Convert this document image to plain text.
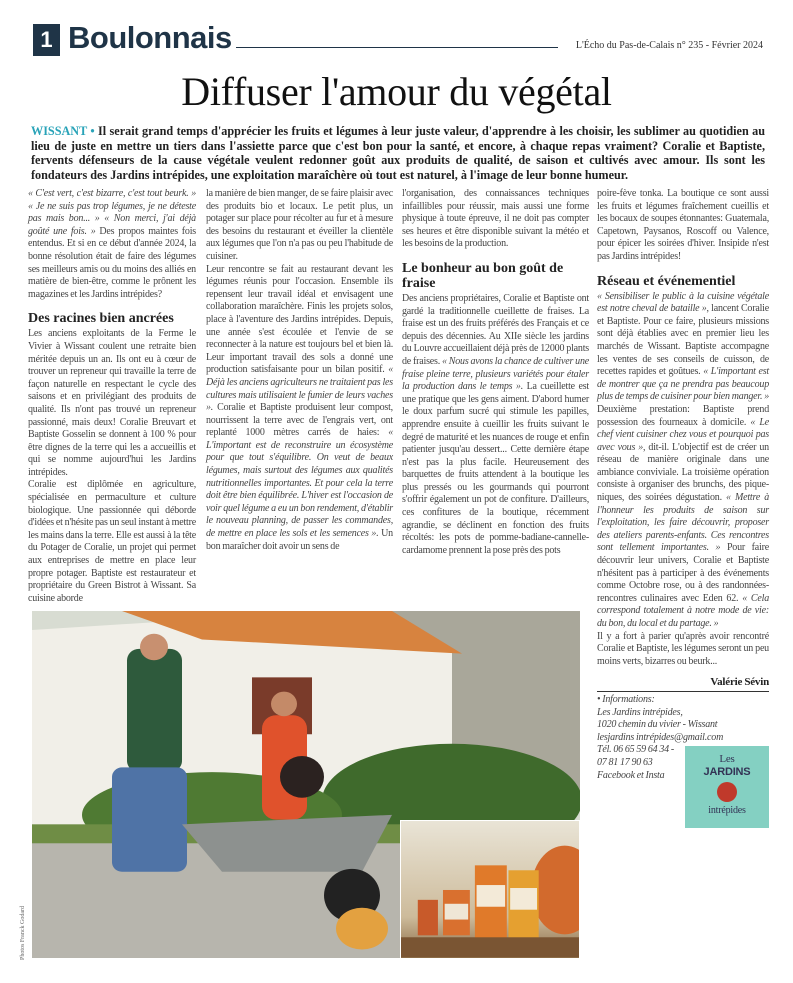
1 Boulonnais	L'Écho du Pas-de-Calais n° 235 - Février 2024
Diffuser l'amour du végétal
WISSANT • Il serait grand temps d'apprécier les fruits et légumes à leur juste valeur, d'apprendre à les choisir, les sublimer au quotidien au lieu de juste en mettre un tiers dans l'assiette parce que c'est bon pour la santé, et encore, à chaque repas vraiment? Coralie et Baptiste, fervents défenseurs de la cause végétale veulent redonner goût aux produits de qualité, de saison et cultivés avec amour. Ils sont les fondateurs des Jardins intrépides, une exploitation maraîchère où tout est naturel, à l'image de leur bonne humeur.

« C'est vert, c'est bizarre, c'est tout beurk. » « Je ne suis pas trop légumes, je ne déteste pas mais bon... » « Non merci, j'ai déjà goûté une fois. » Des propos maintes fois entendus. Et si en ce début d'année 2024, la bonne résolution était de faire des légumes ses meilleurs amis ou du moins des alliés en matière de bien-être, comme le prônent les magazines et les Jardins intrépides?

Des racines bien ancrées

Les anciens exploitants de la Ferme le Vivier à Wissant coulent une retraite bien méritée depuis un an. Ils ont eu à cœur de trouver un repreneur qui travaille la terre de façon naturelle en respectant le cycle des saisons et en privilégiant des produits de qualité. Ils n'ont pas trouvé un repreneur passionné, mais deux! Coralie Breuvart et Baptiste Gosselin se donnent à 100 % pour être dignes de la terre qui les a accueillis et qui se nomme aujourd'hui les Jardins intrépides.

Coralie est diplômée en agriculture, spécialisée en permaculture et culture biologique. Une passionnée qui déborde d'idées et n'hésite pas un seul instant à mettre les mains dans la terre. Elle est aussi à la tête du Potager de Coralie, un projet qui permet aux entreprises de mettre en place leur propre potager. Baptiste est restaurateur et propriétaire du Green Bistrot à Wissant. Sa cuisine aborde

la manière de bien manger, de se faire plaisir avec des produits bio et locaux. Le petit plus, un potager sur place pour récolter au fur et à mesure des besoins du restaurant et éveiller la clientèle aux légumes que l'on n'a pas ou peu l'habitude de cuisiner.

Leur rencontre se fait au restaurant devant les légumes réunis pour l'occasion. Ensemble ils repensent leur travail idéal et envisagent une collaboration maraîchère. Finis les projets solos, place à l'aventure des Jardins intrépides. Depuis, une année s'est écoulée et l'envie de se reconnecter à la nature est toujours bel et bien là. Leur important travail des sols a donné une production satisfaisante pour un bilan positif. « Déjà les anciens agriculteurs ne traitaient pas les cultures mais utilisaient le fumier de leurs vaches ». Coralie et Baptiste produisent leur compost, nourrissent la terre avec de l'engrais vert, ont replanté 1000 mètres carrés de haies: « L'important est de reconstruire un écosystème pour que tout s'équilibre. On veut de beaux légumes, mais surtout des légumes aux qualités nutritionnelles importantes. Et pour cela la terre doit être bien équilibrée. L'hiver est l'occasion de voir quel légume a eu un bon rendement, d'établir le nouveau planning, de passer les commandes, de mettre en place les sols et les semences ». Un bon maraîcher doit avoir un sens de

l'organisation, des connaissances techniques infaillibles pour réussir, mais aussi une forme physique à toute épreuve, il ne doit pas compter ses heures et être disponible suivant la météo et les besoins de la production.

Le bonheur au bon goût de fraise

Des anciens propriétaires, Coralie et Baptiste ont gardé la traditionnelle cueillette de fraises. La fraise est un des fruits préférés des Français et ce depuis des décennies. Au XIIe siècle les jardins du Louvre accueillaient déjà près de 12000 plants de fraises. « Nous avons la chance de cultiver une fraise pleine terre, plusieurs variétés pour étaler la production dans le temps ». La cueillette est une pratique que les gens aiment. D'abord humer le doux parfum sucré qui stimule les papilles, apprendre ensuite à cueillir les fruits suivant le degré de maturité et les nuances de rouge et enfin patienter jusqu'au dessert... Cette dernière étape n'est pas la plus facile. Heureusement des barquettes de fruits attendent à la boutique les plus pressés ou les gourmands qui pourront s'offrir également un pot de confiture. D'ailleurs, ces confitures de la boutique, récemment agrandie, se déclinent en fonction des fruits récoltés: les pots de pomme-badiane-cannelle-cardamome prennent la pose près des pots

Photos Franck Godard

poire-fève tonka. La boutique ce sont aussi les fruits et légumes fraîchement cueillis et les bocaux de soupes étonnantes: Guatemala, Capetown, Paysanos, Roscoff ou Valence, pour épicer les soirées d'hiver. Insipide n'est pas Jardins intrépides!

Réseau et événementiel

« Sensibiliser le public à la cuisine végétale est notre cheval de bataille », lancent Coralie et Baptiste. Pour ce faire, plusieurs missions sont déjà établies avec en premier lieu les marchés de Wissant. Baptiste accompagne les ventes de ses conseils de cuisson, de recettes rapides et goûtues. « L'important est de montrer que ça ne prendra pas beaucoup plus de temps de cuisiner pour bien manger. » Deuxième prestation: Baptiste prend possession des fourneaux à domicile. « Le chef vient cuisiner chez vous et pourquoi pas avec vous », dit-il. L'objectif est de créer un réseau de manière originale dans une ambiance conviviale. La troisième opération consiste à organiser des brunchs, des pique-niques, des soirées dégustation. « Mettre à l'honneur les produits de saison sur l'exploitation, les faire découvrir, proposer des ateliers parents-enfants. Ces rencontres sont tellement importantes. » Pour faire découvrir leur univers, Coralie et Baptiste n'hésitent pas à participer à des événements comme Octobre rose, ou à des randonnées-rencontres culinaires avec Eden 62. « Cela correspond totalement à notre mode de vie: du bon, du local et du partage. »

Il y a fort à parier qu'après avoir rencontré Coralie et Baptiste, les légumes seront un peu moins verts, bizarres ou beurk...

Valérie Sévin
• Informations:
Les Jardins intrépides,
1020 chemin du vivier - Wissant
lesjardins intrépides@gmail.com
Tél. 06 65 59 64 34 -
07 81 17 90 63
Facebook et Insta
Les
JARDINS
intrépides
